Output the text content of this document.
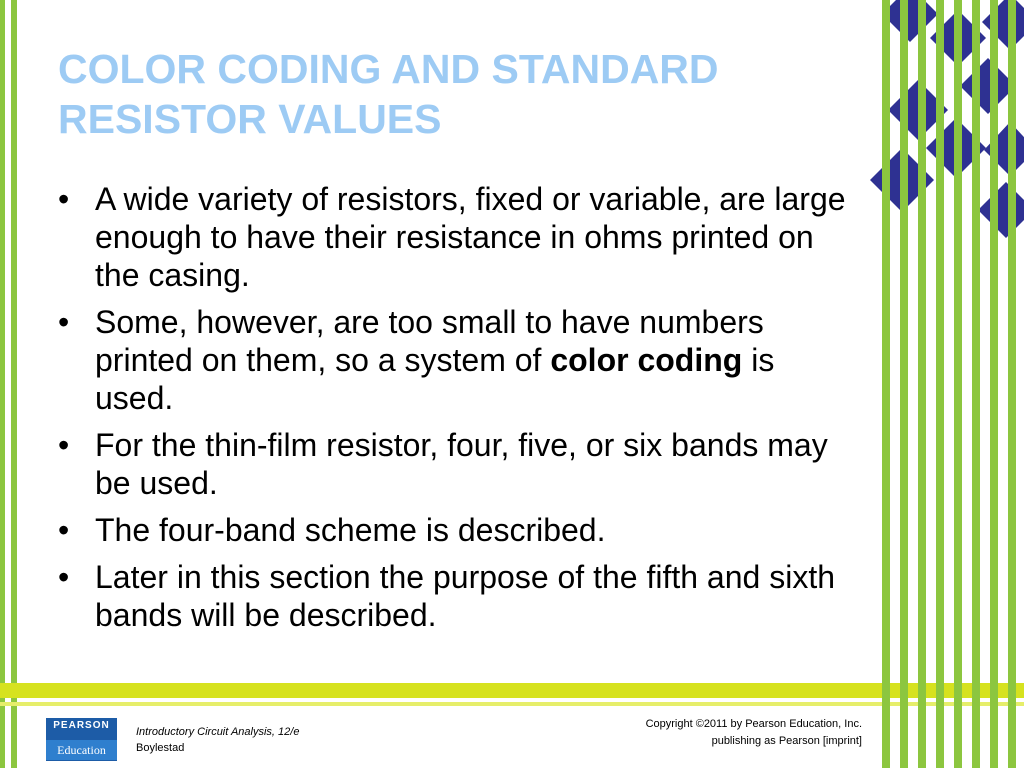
COLOR CODING AND STANDARD
RESISTOR VALUES
• A wide variety of resistors, fixed or variable, are large enough to have their resistance in ohms printed on the casing.
• Some, however, are too small to have numbers printed on them, so a system of color coding is used.
• For the thin-film resistor, four, five, or six bands may be used.
• The four-band scheme is described.
• Later in this section the purpose of the fifth and sixth bands will be described.
PEARSON
Education
Introductory Circuit Analysis, 12/e
Boylestad
Copyright ©2011 by Pearson Education, Inc.
publishing as Pearson [imprint]
